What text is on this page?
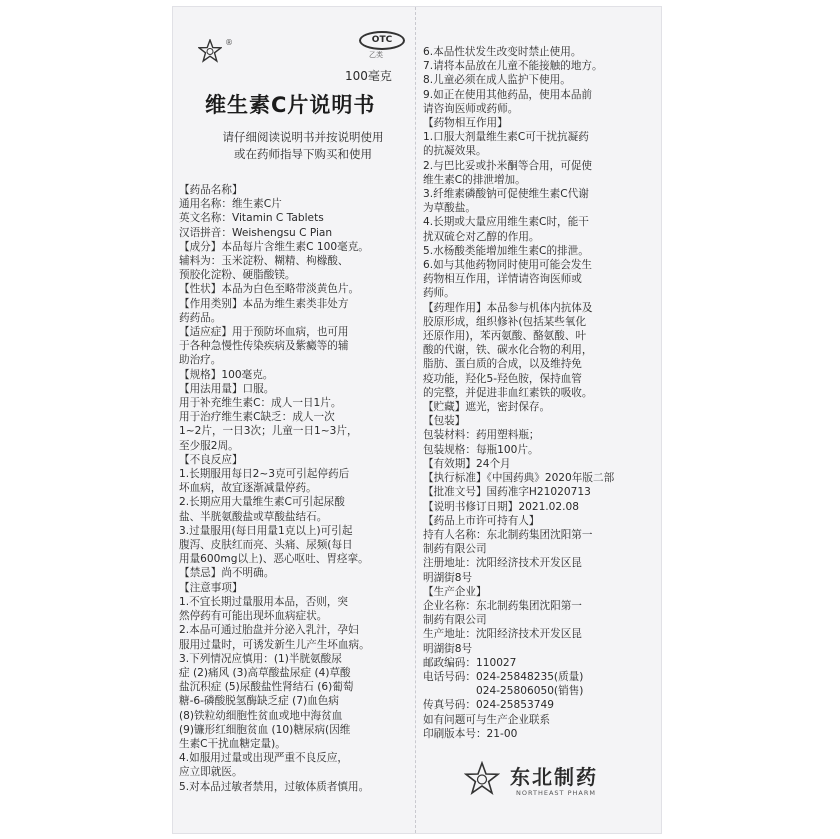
®	OTC
乙类
100毫克
维生素C片说明书
请仔细阅读说明书并按说明使用
或在药师指导下购买和使用
【药品名称】
通用名称：维生素C片
英文名称：Vitamin C Tablets
汉语拼音：Weishengsu C Pian
【成分】本品每片含维生素C 100毫克。
辅料为：玉米淀粉、糊精、枸橼酸、
预胶化淀粉、硬脂酸镁。
【性状】本品为白色至略带淡黄色片。
【作用类别】本品为维生素类非处方
药药品。
【适应症】用于预防坏血病，也可用
于各种急慢性传染疾病及紫癜等的辅
助治疗。
【规格】100毫克。
【用法用量】口服。
用于补充维生素C：成人一日1片。
用于治疗维生素C缺乏：成人一次
1~2片，一日3次；儿童一日1~3片，
至少服2周。
【不良反应】
1.长期服用每日2~3克可引起停药后
坏血病，故宜逐渐减量停药。
2.长期应用大量维生素C可引起尿酸
盐、半胱氨酸盐或草酸盐结石。
3.过量服用(每日用量1克以上)可引起
腹泻、皮肤红而亮、头痛、尿频(每日
用量600mg以上)、恶心呕吐、胃痉挛。
【禁忌】尚不明确。
【注意事项】
1.不宜长期过量服用本品，否则，突
然停药有可能出现坏血病症状。
2.本品可通过胎盘并分泌入乳汁，孕妇
服用过量时，可诱发新生儿产生坏血病。
3.下列情况应慎用：(1)半胱氨酸尿
症 (2)痛风 (3)高草酸盐尿症 (4)草酸
盐沉积症 (5)尿酸盐性肾结石 (6)葡萄
糖-6-磷酸脱氢酶缺乏症 (7)血色病
(8)铁粒幼细胞性贫血或地中海贫血
(9)镰形红细胞贫血 (10)糖尿病(因维
生素C干扰血糖定量)。
4.如服用过量或出现严重不良反应，
应立即就医。
5.对本品过敏者禁用，过敏体质者慎用。
6.本品性状发生改变时禁止使用。
7.请将本品放在儿童不能接触的地方。
8.儿童必须在成人监护下使用。
9.如正在使用其他药品，使用本品前
请咨询医师或药师。
【药物相互作用】
1.口服大剂量维生素C可干扰抗凝药
的抗凝效果。
2.与巴比妥或扑米酮等合用，可促使
维生素C的排泄增加。
3.纤维素磷酸钠可促使维生素C代谢
为草酸盐。
4.长期或大量应用维生素C时，能干
扰双硫仑对乙醇的作用。
5.水杨酸类能增加维生素C的排泄。
6.如与其他药物同时使用可能会发生
药物相互作用，详情请咨询医师或
药师。
【药理作用】本品参与机体内抗体及
胶原形成，组织修补(包括某些氧化
还原作用)，苯丙氨酸、酪氨酸、叶
酸的代谢，铁、碳水化合物的利用，
脂肪、蛋白质的合成，以及维持免
疫功能，羟化5-羟色胺，保持血管
的完整，并促进非血红素铁的吸收。
【贮藏】遮光，密封保存。
【包装】
包装材料：药用塑料瓶；
包装规格：每瓶100片。
【有效期】24个月
【执行标准】《中国药典》2020年版二部
【批准文号】国药准字H21020713
【说明书修订日期】2021.02.08
【药品上市许可持有人】
持有人名称：东北制药集团沈阳第一
制药有限公司
注册地址：沈阳经济技术开发区昆
明湖街8号
【生产企业】
企业名称：东北制药集团沈阳第一
制药有限公司
生产地址：沈阳经济技术开发区昆
明湖街8号
邮政编码：110027
电话号码：024-25848235(质量)
　　　　　024-25806050(销售)
传真号码：024-25853749
如有问题可与生产企业联系
印刷版本号：21-00
东北制药
NORTHEAST PHARM
